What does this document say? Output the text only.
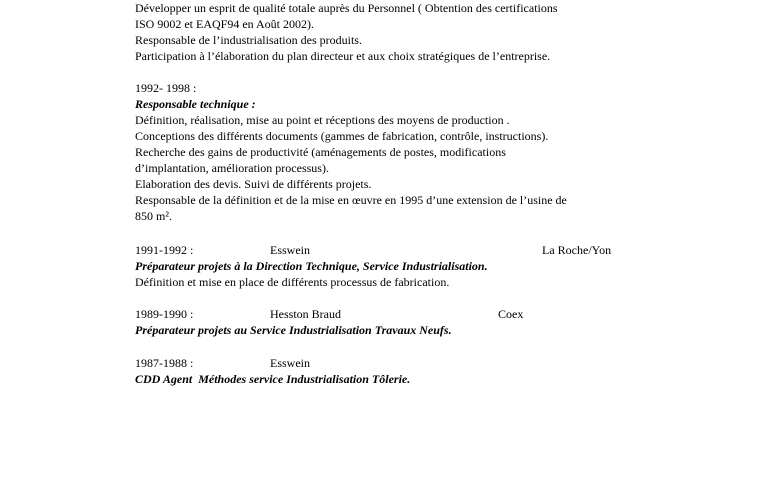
Développer un esprit de qualité totale auprès du Personnel ( Obtention des certifications
ISO 9002 et EAQF94 en Août 2002).
Responsable de l’industrialisation des produits.
Participation à l’élaboration du plan directeur et aux choix stratégiques de l’entreprise.
1992- 1998 :
Responsable technique :
Définition, réalisation, mise au point et réceptions des moyens de production .
Conceptions des différents documents (gammes de fabrication, contrôle, instructions).
Recherche des gains de productivité (aménagements de postes, modifications
d’implantation, amélioration processus).
Elaboration des devis. Suivi de différents projets.
Responsable de la définition et de la mise en œuvre en 1995 d’une extension de l’usine de
850 m².
1991-1992 :	Esswein	La Roche/Yon
Préparateur projets à la Direction Technique, Service Industrialisation.
Définition et mise en place de différents processus de fabrication.
1989-1990 :	Hesston Braud	Coex
Préparateur projets au Service Industrialisation Travaux Neufs.
1987-1988 :	Esswein
CDD Agent  Méthodes service Industrialisation Tôlerie.
